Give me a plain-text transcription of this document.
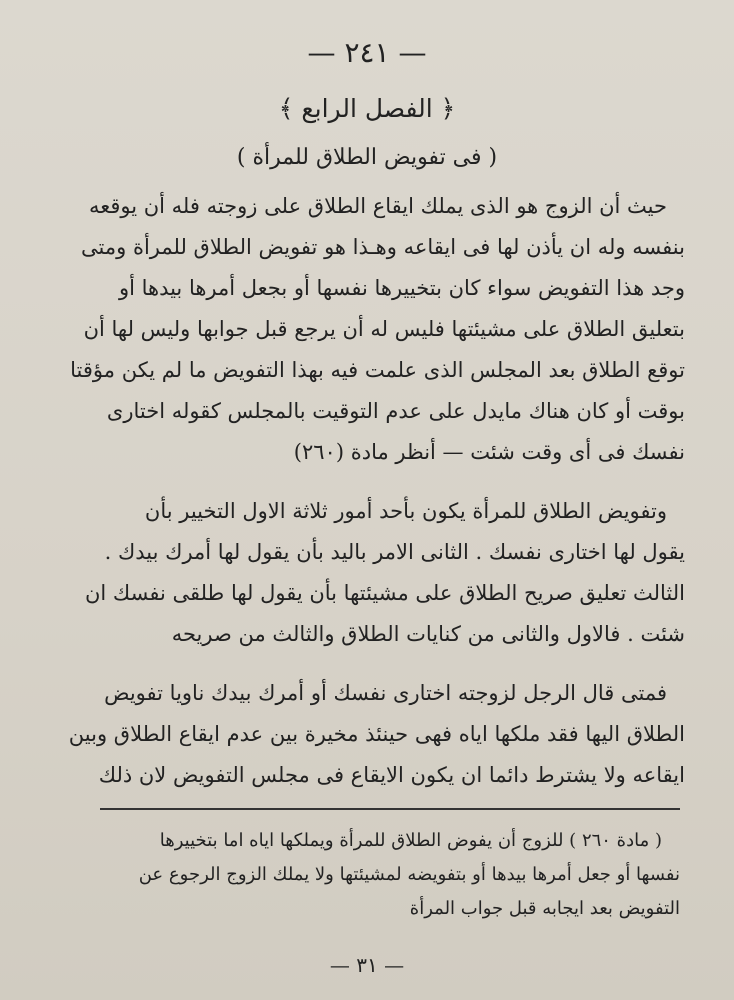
— ٢٤١ —
﴿ الفصل الرابع ﴾
( فى تفويض الطلاق للمرأة )
حيث أن الزوج هو الذى يملك ايقاع الطلاق على زوجته فله أن يوقعه
بنفسه وله ان يأذن لها فى ايقاعه وهـذا هو تفويض الطلاق للمرأة ومتى
وجد هذا التفويض سواء كان بتخييرها نفسها أو بجعل أمرها بيدها أو
بتعليق الطلاق على مشيئتها فليس له أن يرجع قبل جوابها وليس لها أن
توقع الطلاق بعد المجلس الذى علمت فيه بهذا التفويض ما لم يكن مؤقتا
بوقت أو كان هناك مايدل على عدم التوقيت بالمجلس كقوله اختارى
نفسك فى أى وقت شئت — أنظر مادة (٢٦٠)
وتفويض الطلاق للمرأة يكون بأحد أمور ثلاثة الاول التخيير بأن
يقول لها اختارى نفسك . الثانى الامر باليد بأن يقول لها أمرك بيدك .
الثالث تعليق صريح الطلاق على مشيئتها بأن يقول لها طلقى نفسك ان
شئت . فالاول والثانى من كنايات الطلاق والثالث من صريحه
فمتى قال الرجل لزوجته اختارى نفسك أو أمرك بيدك ناويا تفويض
الطلاق اليها فقد ملكها اياه فهى حينئذ مخيرة بين عدم ايقاع الطلاق وبين
ايقاعه ولا يشترط دائما ان يكون الايقاع فى مجلس التفويض لان ذلك
( مادة ٢٦٠ ) للزوج أن يفوض الطلاق للمرأة ويملكها اياه اما بتخييرها
نفسها أو جعل أمرها بيدها أو بتفويضه لمشيئتها ولا يملك الزوج الرجوع عن
التفويض بعد ايجابه قبل جواب المرأة
— ٣١ —
